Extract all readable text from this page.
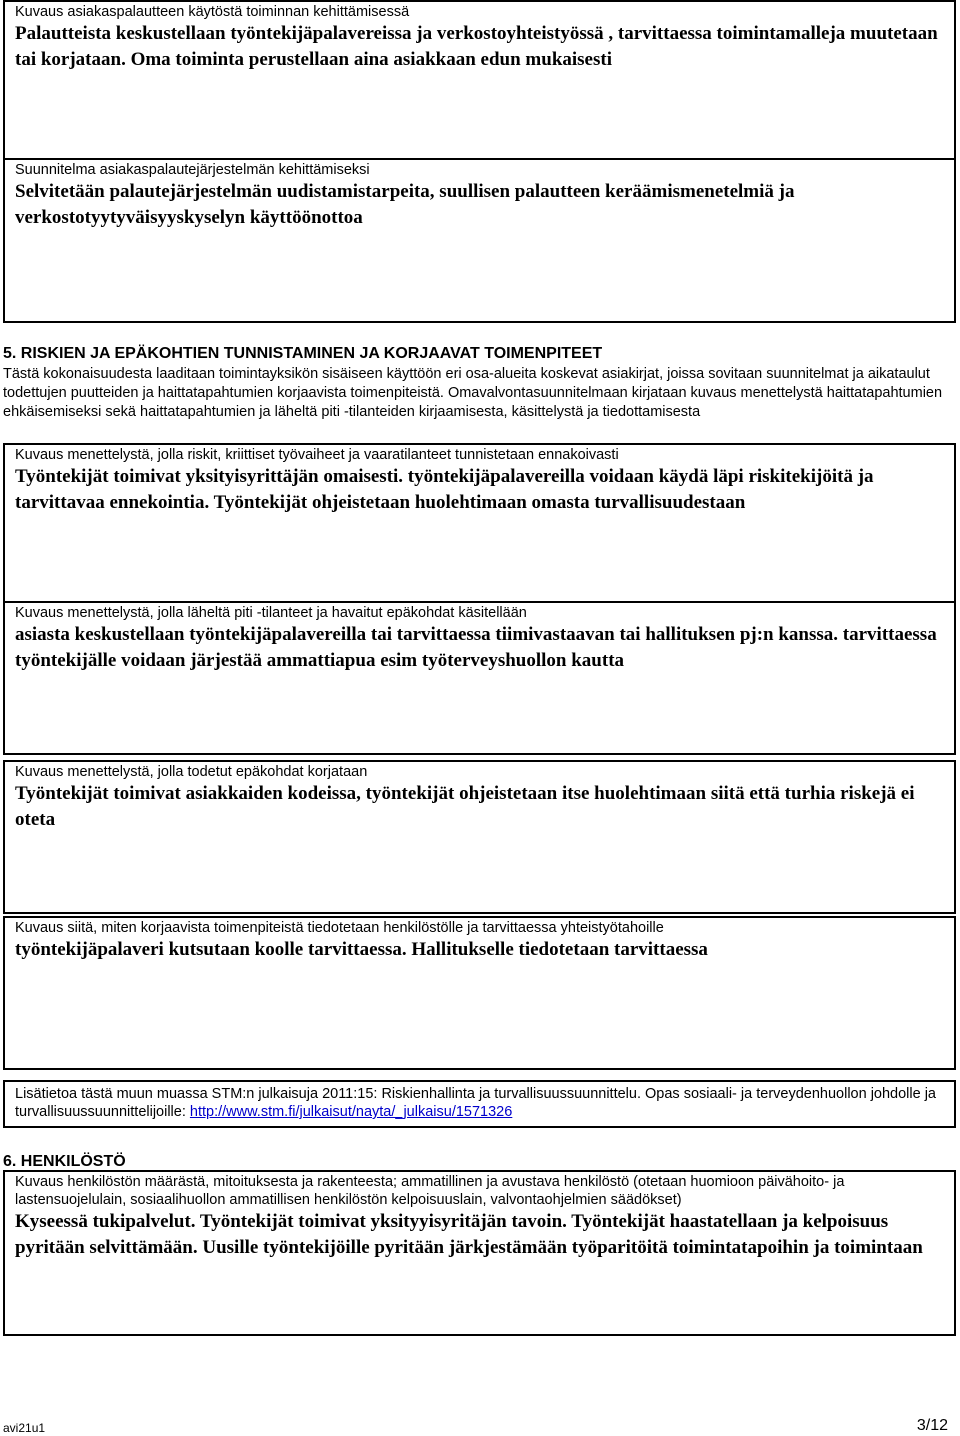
Kuvaus asiakaspalautteen käytöstä toiminnan kehittämisessä

Palautteista keskustellaan työntekijäpalavereissa ja verkostoyhteistyössä , tarvittaessa toimintamalleja muutetaan tai korjataan. Oma toiminta perustellaan aina asiakkaan edun mukaisesti

Suunnitelma asiakaspalautejärjestelmän kehittämiseksi

Selvitetään palautejärjestelmän uudistamistarpeita, suullisen palautteen keräämismenetelmiä ja verkostotyytyväisyyskyselyn käyttöönottoa

5. RISKIEN JA EPÄKOHTIEN TUNNISTAMINEN JA KORJAAVAT TOIMENPITEET

Tästä kokonaisuudesta laaditaan toimintayksikön sisäiseen käyttöön eri osa-alueita koskevat asiakirjat, joissa sovitaan suunnitelmat ja aikataulut todettujen puutteiden ja haittatapahtumien korjaavista toimenpiteistä. Omavalvontasuunnitelmaan kirjataan kuvaus menettelystä haittatapahtumien ehkäisemiseksi sekä haittatapahtumien ja läheltä piti -tilanteiden kirjaamisesta, käsittelystä ja tiedottamisesta

Kuvaus menettelystä, jolla riskit, kriittiset työvaiheet ja vaaratilanteet tunnistetaan ennakoivasti

Työntekijät toimivat yksityisyrittäjän omaisesti. työntekijäpalavereilla voidaan käydä läpi riskitekijöitä ja tarvittavaa ennekointia. Työntekijät ohjeistetaan huolehtimaan omasta turvallisuudestaan

Kuvaus menettelystä, jolla läheltä piti -tilanteet ja havaitut epäkohdat käsitellään

asiasta keskustellaan työntekijäpalavereilla tai tarvittaessa tiimivastaavan tai hallituksen pj:n kanssa. tarvittaessa työntekijälle voidaan järjestää ammattiapua esim työterveyshuollon kautta

Kuvaus menettelystä, jolla todetut epäkohdat korjataan

Työntekijät toimivat asiakkaiden kodeissa, työntekijät ohjeistetaan itse huolehtimaan siitä että turhia riskejä ei oteta

Kuvaus siitä, miten korjaavista toimenpiteistä tiedotetaan henkilöstölle ja tarvittaessa yhteistyötahoille

työntekijäpalaveri kutsutaan koolle tarvittaessa. Hallitukselle tiedotetaan tarvittaessa

Lisätietoa tästä muun muassa STM:n julkaisuja 2011:15: Riskienhallinta ja turvallisuussuunnittelu. Opas sosiaali- ja terveydenhuollon johdolle ja turvallisuussuunnittelijoille: http://www.stm.fi/julkaisut/nayta/_julkaisu/1571326

6. HENKILÖSTÖ

Kuvaus henkilöstön määrästä, mitoituksesta ja rakenteesta; ammatillinen ja avustava henkilöstö (otetaan huomioon päivähoito- ja lastensuojelulain, sosiaalihuollon ammatillisen henkilöstön kelpoisuuslain, valvontaohjelmien säädökset)

Kyseessä tukipalvelut. Työntekijät toimivat yksityyisyritäjän tavoin. Työntekijät haastatellaan ja kelpoisuus pyritään selvittämään. Uusille työntekijöille pyritään järkjestämään työparitöitä toimintatapoihin ja toimintaan

avi21u1	3/12
